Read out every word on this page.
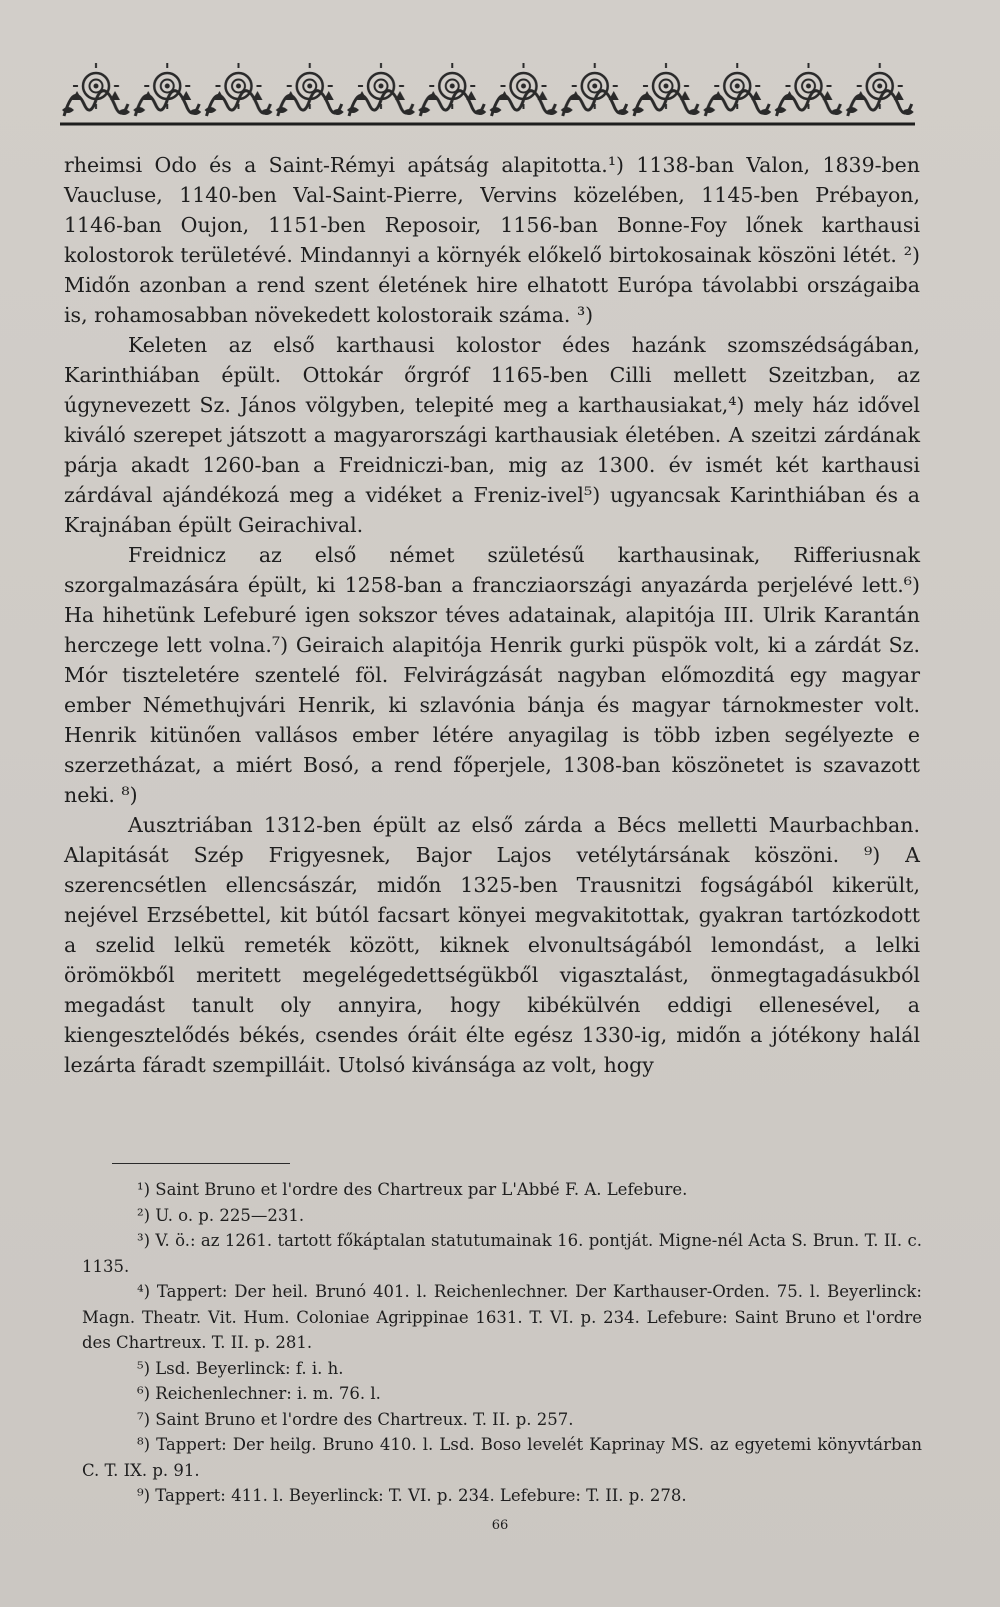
rheimsi Odo és a Saint-Rémyi apátság alapitotta.¹) 1138-ban Valon, 1839-ben Vaucluse, 1140-ben Val-Saint-Pierre, Vervins közelében, 1145-ben Prébayon, 1146-ban Oujon, 1151-ben Reposoir, 1156-ban Bonne-Foy lőnek karthausi kolostorok területévé. Mindannyi a környék előkelő birtokosainak köszöni létét. ²) Midőn azonban a rend szent életének hire elhatott Európa távolabbi országaiba is, rohamosabban növekedett kolostoraik száma. ³)

Keleten az első karthausi kolostor édes hazánk szomszédságában, Karinthiában épült. Ottokár őrgróf 1165-ben Cilli mellett Szeitzban, az úgynevezett Sz. János völgyben, telepité meg a karthausiakat,⁴) mely ház idővel kiváló szerepet játszott a magyarországi karthausiak életében. A szeitzi zárdának párja akadt 1260-ban a Freidniczi-ban, mig az 1300. év ismét két karthausi zárdával ajándékozá meg a vidéket a Freniz-ivel⁵) ugyancsak Karinthiában és a Krajnában épült Geirachival.

Freidnicz az első német születésű karthausinak, Rifferiusnak szorgalmazására épült, ki 1258-ban a francziaországi anyazárda perjelévé lett.⁶) Ha hihetünk Lefeburé igen sokszor téves adatainak, alapitója III. Ulrik Karantán herczege lett volna.⁷) Geiraich alapitója Henrik gurki püspök volt, ki a zárdát Sz. Mór tiszteletére szentelé föl. Felvirágzását nagyban előmozditá egy magyar ember Némethujvári Henrik, ki szlavónia bánja és magyar tárnokmester volt. Henrik kitünően vallásos ember létére anyagilag is több izben segélyezte e szerzetházat, a miért Bosó, a rend főperjele, 1308-ban köszönetet is szavazott neki. ⁸)

Ausztriában 1312-ben épült az első zárda a Bécs melletti Maurbachban. Alapitását Szép Frigyesnek, Bajor Lajos vetélytársának köszöni. ⁹) A szerencsétlen ellencsászár, midőn 1325-ben Trausnitzi fogságából kikerült, nejével Erzsébettel, kit bútól facsart könyei megvakitottak, gyakran tartózkodott a szelid lelkü remeték között, kiknek elvonultságából lemondást, a lelki örömökből meritett megelégedettségükből vigasztalást, önmegtagadásukból megadást tanult oly annyira, hogy kibékülvén eddigi ellenesével, a kiengesztelődés békés, csendes óráit élte egész 1330-ig, midőn a jótékony halál lezárta fáradt szempilláit. Utolsó kivánsága az volt, hogy

¹) Saint Bruno et l'ordre des Chartreux par L'Abbé F. A. Lefebure.

²) U. o. p. 225—231.

³) V. ö.: az 1261. tartott főkáptalan statutumainak 16. pontját. Migne-nél Acta S. Brun. T. II. c. 1135.

⁴) Tappert: Der heil. Brunó 401. l. Reichenlechner. Der Karthauser-Orden. 75. l. Beyerlinck: Magn. Theatr. Vit. Hum. Coloniae Agrippinae 1631. T. VI. p. 234. Lefebure: Saint Bruno et l'ordre des Chartreux. T. II. p. 281.

⁵) Lsd. Beyerlinck: f. i. h.

⁶) Reichenlechner: i. m. 76. l.

⁷) Saint Bruno et l'ordre des Chartreux. T. II. p. 257.

⁸) Tappert: Der heilg. Bruno 410. l. Lsd. Boso levelét Kaprinay MS. az egyetemi könyvtárban C. T. IX. p. 91.

⁹) Tappert: 411. l. Beyerlinck: T. VI. p. 234. Lefebure: T. II. p. 278.

66
